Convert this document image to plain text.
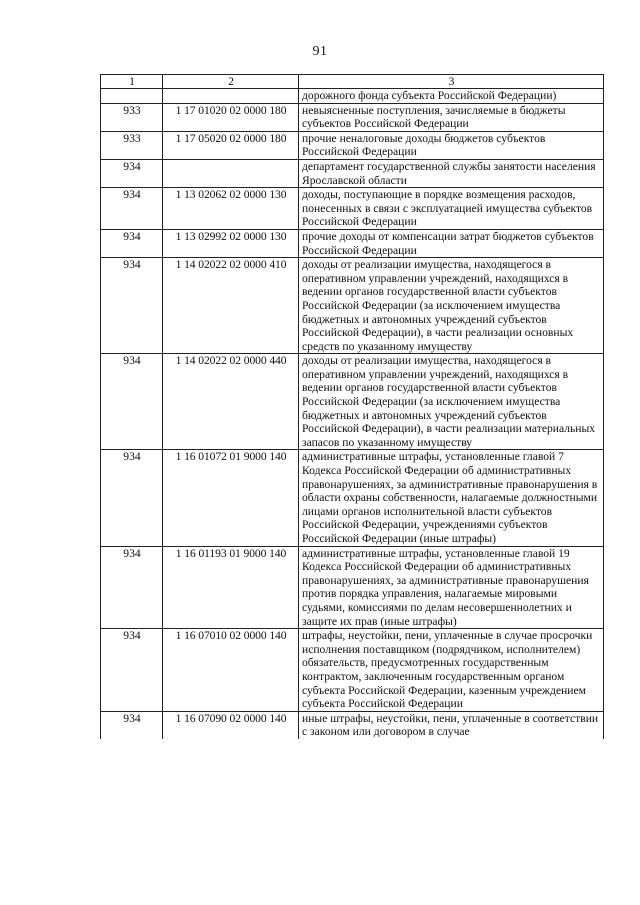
91
1	2	3
		дорожного фонда субъекта Российской Федерации)
933	1 17 01020 02 0000 180	невыясненные поступления, зачисляемые в бюджеты субъектов Российской Федерации
933	1 17 05020 02 0000 180	прочие неналоговые доходы бюджетов субъектов Российской Федерации
934		департамент государственной службы занятости населения Ярославской области
934	1 13 02062 02 0000 130	доходы, поступающие в порядке возмещения расходов, понесенных в связи с эксплуатацией имущества субъектов Российской Федерации
934	1 13 02992 02 0000 130	прочие доходы от компенсации затрат бюджетов субъектов Российской Федерации
934	1 14 02022 02 0000 410	доходы от реализации имущества, находящегося в оперативном управлении учреждений, находящихся в ведении органов государственной власти субъектов Российской Федерации (за исключением имущества бюджетных и автономных учреждений субъектов Российской Федерации), в части реализации основных средств по указанному имуществу
934	1 14 02022 02 0000 440	доходы от реализации имущества, находящегося в оперативном управлении учреждений, находящихся в ведении органов государственной власти субъектов Российской Федерации (за исключением имущества бюджетных и автономных учреждений субъектов Российской Федерации), в части реализации материальных запасов по указанному имуществу
934	1 16 01072 01 9000 140	административные штрафы, установленные главой 7 Кодекса Российской Федерации об административных правонарушениях, за административные правонарушения в области охраны собственности, налагаемые должностными лицами органов исполнительной власти субъектов Российской Федерации, учреждениями субъектов Российской Федерации (иные штрафы)
934	1 16 01193 01 9000 140	административные штрафы, установленные главой 19 Кодекса Российской Федерации об административных правонарушениях, за административные правонарушения против порядка управления, налагаемые мировыми судьями, комиссиями по делам несовершеннолетних и защите их прав (иные штрафы)
934	1 16 07010 02 0000 140	штрафы, неустойки, пени, уплаченные в случае просрочки исполнения поставщиком (подрядчиком, исполнителем) обязательств, предусмотренных государственным контрактом, заключенным государственным органом субъекта Российской Федерации, казенным учреждением субъекта Российской Федерации
934	1 16 07090 02 0000 140	иные штрафы, неустойки, пени, уплаченные в соответствии с законом или договором в случае
